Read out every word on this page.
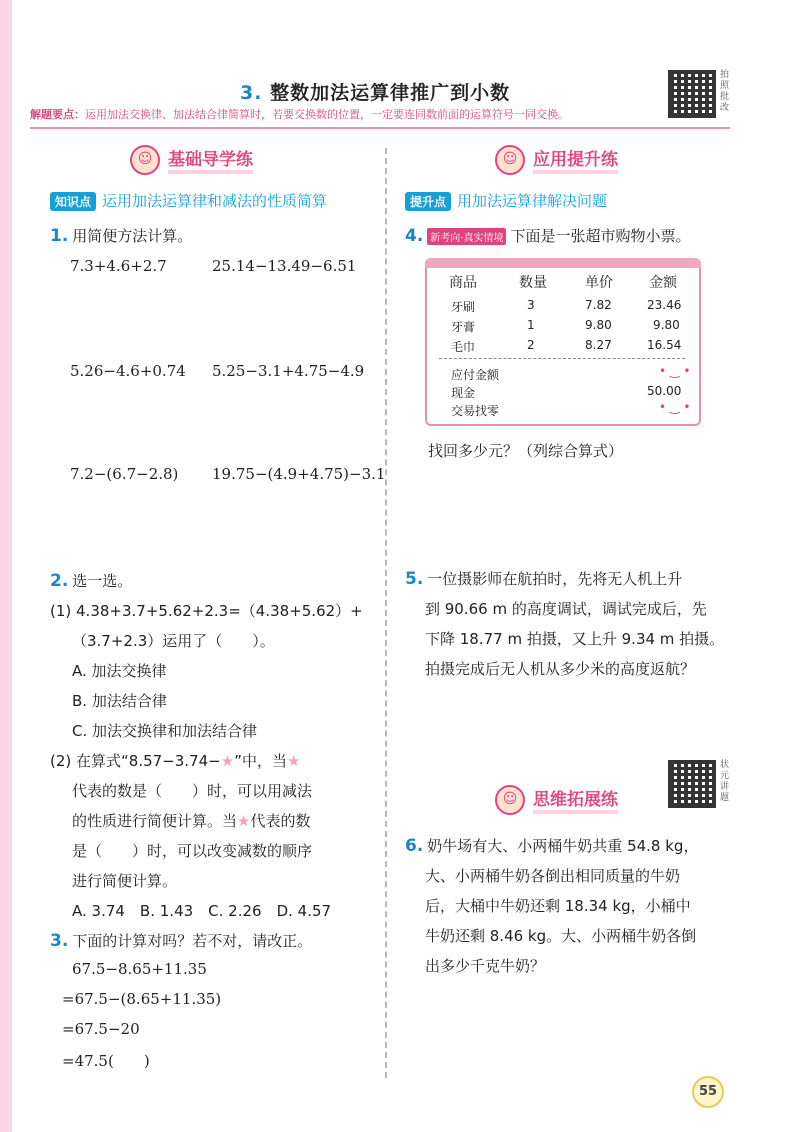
3. 整数加法运算律推广到小数
拍照批改
解题要点：运用加法交换律、加法结合律简算时，若要交换数的位置，一定要连同数前面的运算符号一同交换。
☺ 基础导学练
知识点 运用加法运算律和减法的性质简算
1. 用简便方法计算。
7.3+4.6+2.7	25.14−13.49−6.51
5.26−4.6+0.74 5.25−3.1+4.75−4.9
7.2−(6.7−2.8) 19.75−(4.9+4.75)−3.1
2. 选一选。
(1) 4.38+3.7+5.62+2.3=（4.38+5.62）+
（3.7+2.3）运用了（　　）。
A. 加法交换律
B. 加法结合律
C. 加法交换律和加法结合律
(2) 在算式“8.57−3.74−★”中，当★
代表的数是（　　）时，可以用减法
的性质进行简便计算。当★代表的数
是（　　）时，可以改变减数的顺序
进行简便计算。
A. 3.74　B. 1.43　C. 2.26　D. 4.57
3. 下面的计算对吗？若不对，请改正。
67.5−8.65+11.35
=67.5−(8.65+11.35)
=67.5−20
=47.5(　　)
☺ 应用提升练
提升点 用加法运算律解决问题
4. 新考向·真实情境 下面是一张超市购物小票。
商品	数量	单价	金额
牙刷	3	7.82	23.46
牙膏	1	9.80	9.80
毛巾	2	8.27	16.54
应付金额	• ‿ •
现金	50.00
交易找零	• ‿ •
找回多少元？（列综合算式）
5. 一位摄影师在航拍时，先将无人机上升
到 90.66 m 的高度调试，调试完成后，先
下降 18.77 m 拍摄，又上升 9.34 m 拍摄。
拍摄完成后无人机从多少米的高度返航？
☺ 思维拓展练
状元讲题
6. 奶牛场有大、小两桶牛奶共重 54.8 kg，
大、小两桶牛奶各倒出相同质量的牛奶
后，大桶中牛奶还剩 18.34 kg，小桶中
牛奶还剩 8.46 kg。大、小两桶牛奶各倒
出多少千克牛奶？
55
